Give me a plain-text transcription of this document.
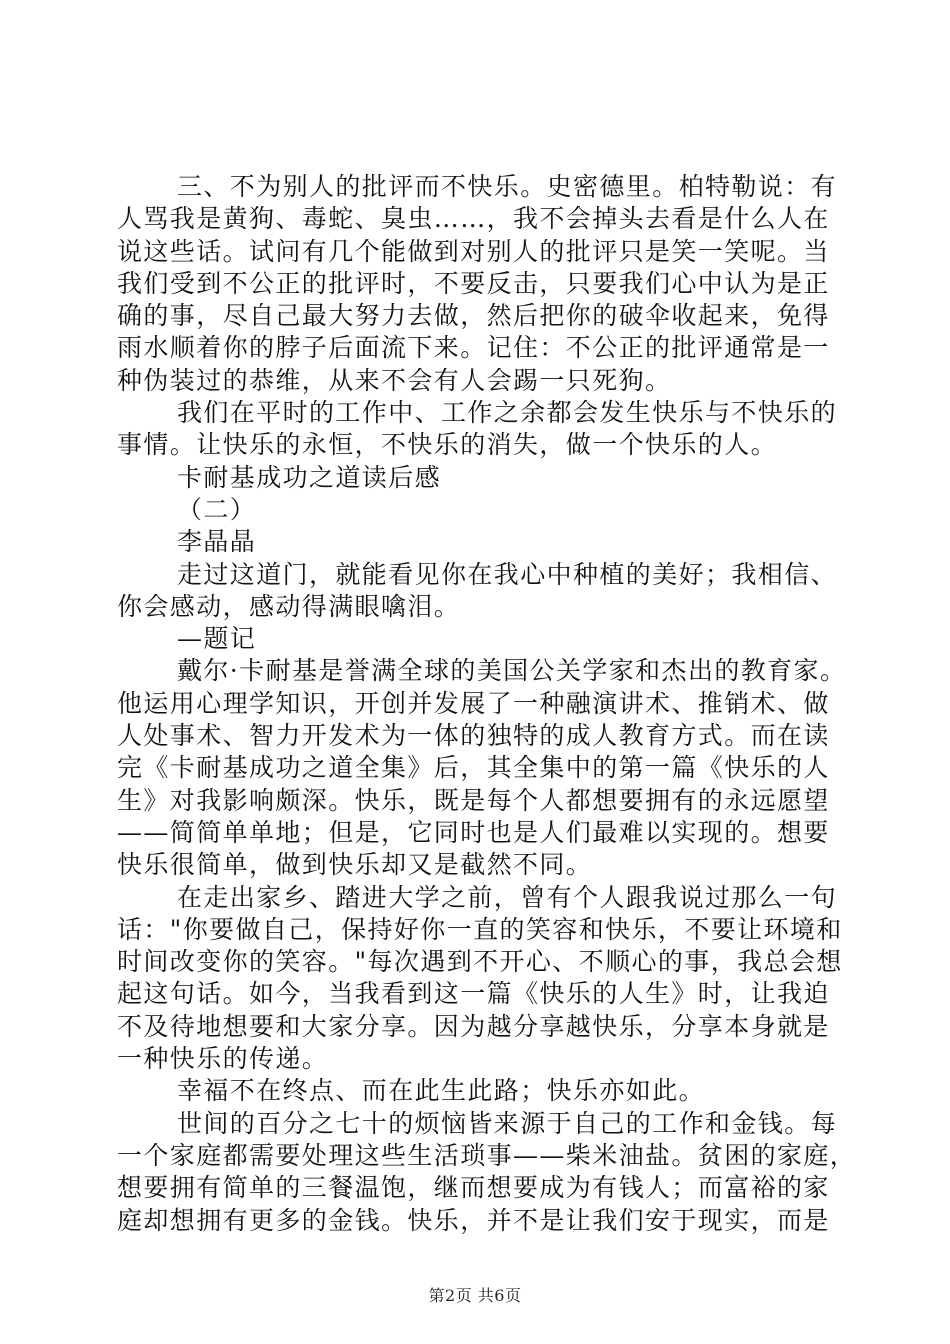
三、不为别人的批评而不快乐。史密德里。柏特勒说：有
人骂我是黄狗、毒蛇、臭虫……，我不会掉头去看是什么人在
说这些话。试问有几个能做到对别人的批评只是笑一笑呢。当
我们受到不公正的批评时，不要反击，只要我们心中认为是正
确的事，尽自己最大努力去做，然后把你的破伞收起来，免得
雨水顺着你的脖子后面流下来。记住：不公正的批评通常是一
种伪装过的恭维，从来不会有人会踢一只死狗。
我们在平时的工作中、工作之余都会发生快乐与不快乐的
事情。让快乐的永恒，不快乐的消失，做一个快乐的人。
卡耐基成功之道读后感
（二）
李晶晶
走过这道门，就能看见你在我心中种植的美好；我相信、
你会感动，感动得满眼噙泪。
—题记
戴尔·卡耐基是誉满全球的美国公关学家和杰出的教育家。
他运用心理学知识，开创并发展了一种融演讲术、推销术、做
人处事术、智力开发术为一体的独特的成人教育方式。而在读
完《卡耐基成功之道全集》后，其全集中的第一篇《快乐的人
生》对我影响颇深。快乐，既是每个人都想要拥有的永远愿望
——简简单单地；但是，它同时也是人们最难以实现的。想要
快乐很简单，做到快乐却又是截然不同。
在走出家乡、踏进大学之前，曾有个人跟我说过那么一句
话："你要做自己，保持好你一直的笑容和快乐，不要让环境和
时间改变你的笑容。"每次遇到不开心、不顺心的事，我总会想
起这句话。如今，当我看到这一篇《快乐的人生》时，让我迫
不及待地想要和大家分享。因为越分享越快乐，分享本身就是
一种快乐的传递。
幸福不在终点、而在此生此路；快乐亦如此。
世间的百分之七十的烦恼皆来源于自己的工作和金钱。每
一个家庭都需要处理这些生活琐事——柴米油盐。贫困的家庭，
想要拥有简单的三餐温饱，继而想要成为有钱人；而富裕的家
庭却想拥有更多的金钱。快乐，并不是让我们安于现实，而是
第2页 共6页
